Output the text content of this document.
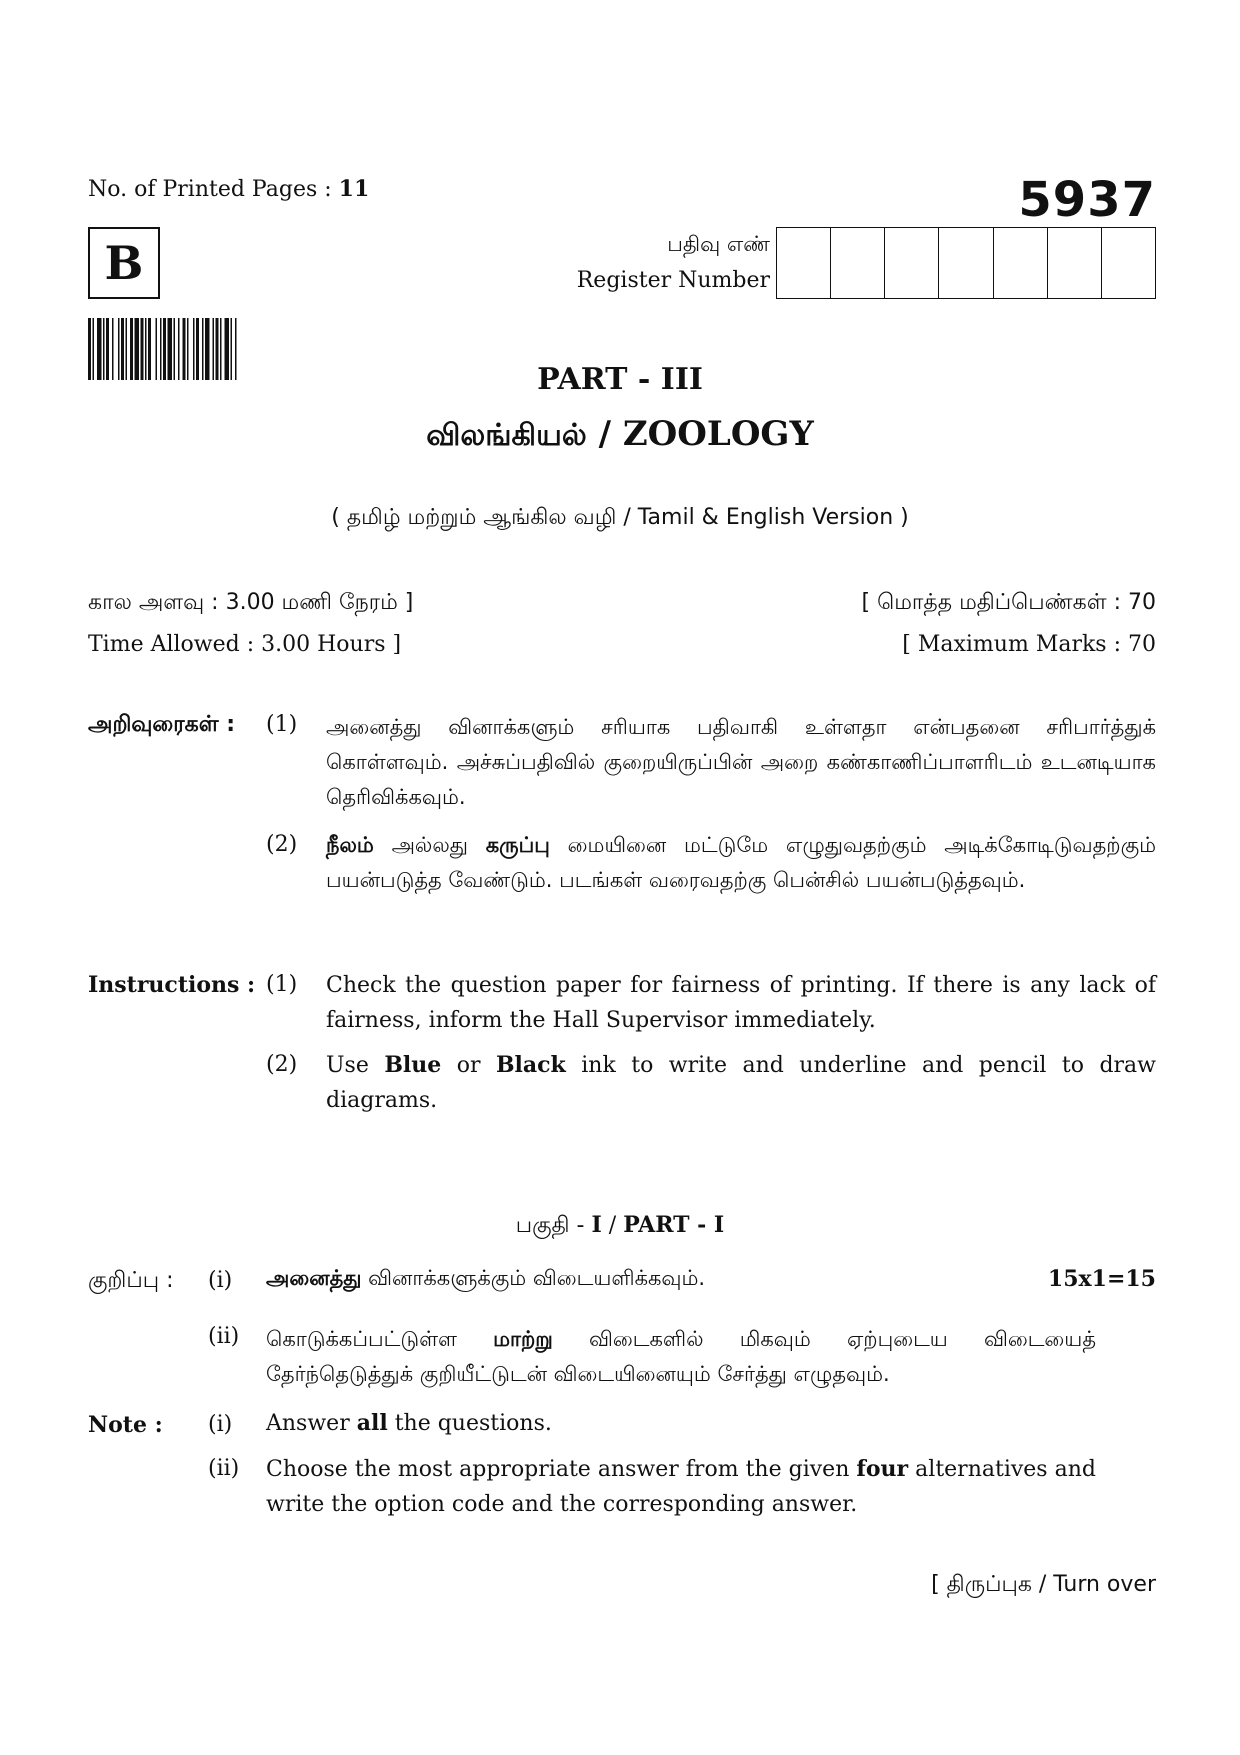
No. of Printed Pages : 11	5937
B	பதிவு எண்
Register Number
PART - III
விலங்கியல் / ZOOLOGY
( தமிழ் மற்றும் ஆங்கில வழி / Tamil & English Version )
கால அளவு : 3.00 மணி நேரம் ]
Time Allowed : 3.00 Hours ]
[ மொத்த மதிப்பெண்கள் : 70
[ Maximum Marks : 70
அறிவுரைகள் : (1) அனைத்து வினாக்களும் சரியாக பதிவாகி உள்ளதா என்பதனை சரிபார்த்துக் கொள்ளவும். அச்சுப்பதிவில் குறையிருப்பின் அறை கண்காணிப்பாளரிடம் உடனடியாக தெரிவிக்கவும்.
(2) நீலம் அல்லது கருப்பு மையினை மட்டுமே எழுதுவதற்கும் அடிக்கோடிடுவதற்கும் பயன்படுத்த வேண்டும். படங்கள் வரைவதற்கு பென்சில் பயன்படுத்தவும்.
Instructions : (1) Check the question paper for fairness of printing. If there is any lack of fairness, inform the Hall Supervisor immediately.
(2) Use Blue or Black ink to write and underline and pencil to draw diagrams.
பகுதி - I / PART - I
குறிப்பு : (i) அனைத்து வினாக்களுக்கும் விடையளிக்கவும்.	15x1=15
(ii) கொடுக்கப்பட்டுள்ள மாற்று விடைகளில் மிகவும் ஏற்புடைய விடையைத் தேர்ந்தெடுத்துக் குறியீட்டுடன் விடையினையும் சேர்த்து எழுதவும்.
Note : (i) Answer all the questions.
(ii) Choose the most appropriate answer from the given four alternatives and write the option code and the corresponding answer.
[ திருப்புக / Turn over
